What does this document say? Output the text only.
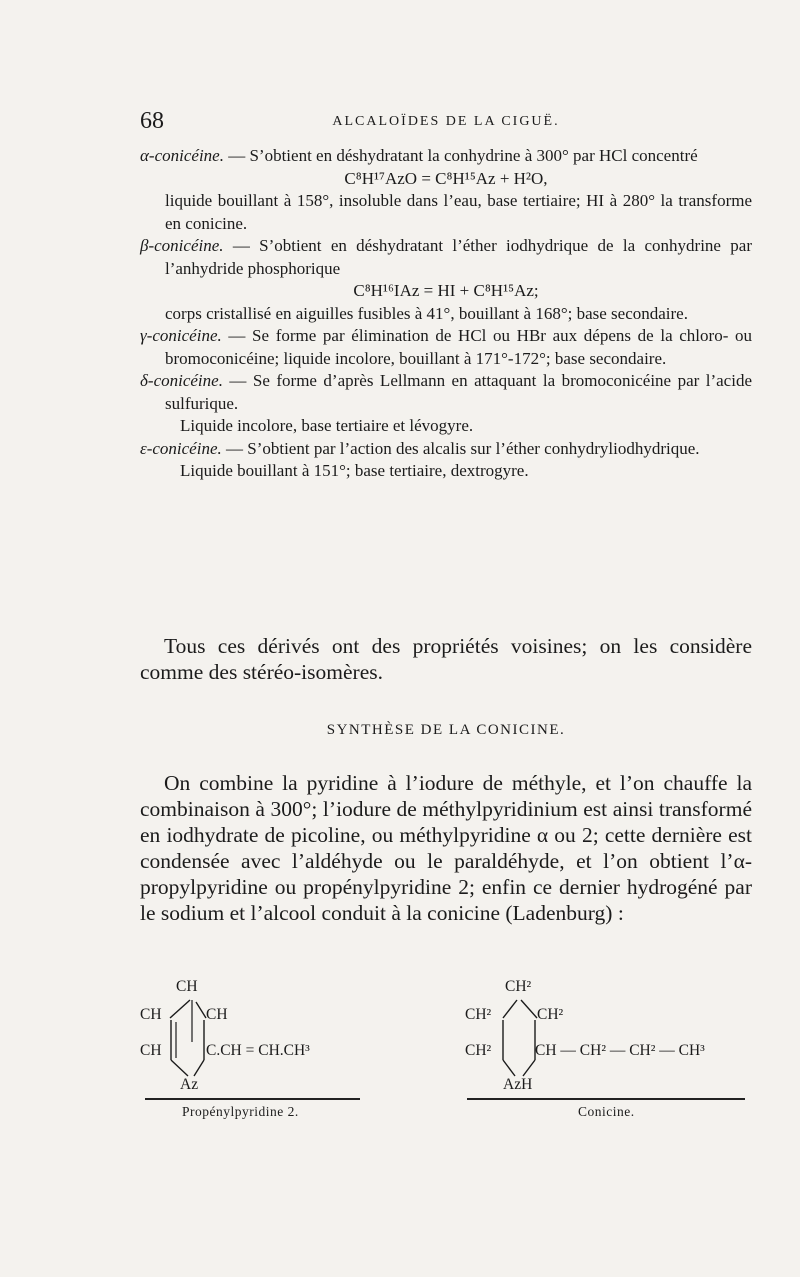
68	ALCALOÏDES DE LA CIGUË.

α-conicéine. — S’obtient en déshydratant la conhydrine à 300° par HCl concentré

C⁸H¹⁷AzO = C⁸H¹⁵Az + H²O,

liquide bouillant à 158°, insoluble dans l’eau, base tertiaire; HI à 280° la transforme en conicine.

β-conicéine. — S’obtient en déshydratant l’éther iodhydrique de la conhydrine par l’anhydride phosphorique

C⁸H¹⁶IAz = HI + C⁸H¹⁵Az;

corps cristallisé en aiguilles fusibles à 41°, bouillant à 168°; base secondaire.

γ-conicéine. — Se forme par élimination de HCl ou HBr aux dépens de la chloro- ou bromoconicéine; liquide incolore, bouillant à 171°-172°; base secondaire.

δ-conicéine. — Se forme d’après Lellmann en attaquant la bromoconicéine par l’acide sulfurique.

Liquide incolore, base tertiaire et lévogyre.

ε-conicéine. — S’obtient par l’action des alcalis sur l’éther conhydryliodhydrique.

Liquide bouillant à 151°; base tertiaire, dextrogyre.

Tous ces dérivés ont des propriétés voisines; on les considère comme des stéréo-isomères.

SYNTHÈSE DE LA CONICINE.

On combine la pyridine à l’iodure de méthyle, et l’on chauffe la combinaison à 300°; l’iodure de méthylpyridinium est ainsi transformé en iodhydrate de picoline, ou méthylpyridine α ou 2; cette dernière est condensée avec l’aldéhyde ou le paraldéhyde, et l’on obtient l’α-propylpyridine ou propénylpyridine 2; enfin ce dernier hydrogéné par le sodium et l’alcool conduit à la conicine (Ladenburg) :

CH
CH	CH
CH	C.CH = CH.CH³
Az
Propénylpyridine 2.
CH²
CH²	CH²
CH²	CH — CH² — CH² — CH³
AzH
Conicine.
